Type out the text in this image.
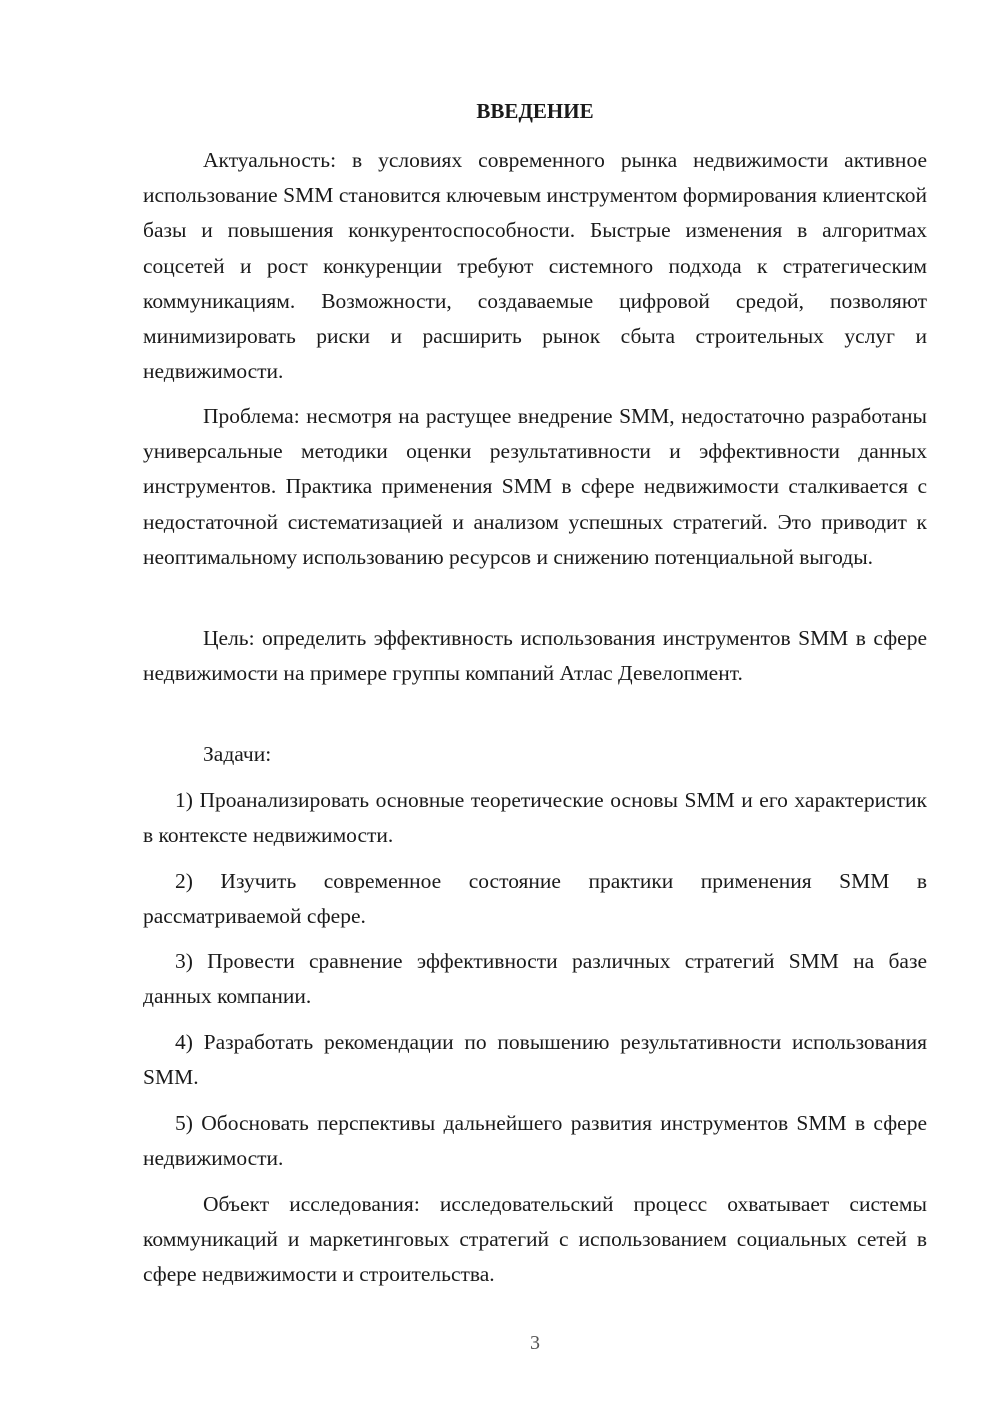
ВВЕДЕНИЕ

Актуальность: в условиях современного рынка недвижимости активное использование SMM становится ключевым инструментом формирования клиентской базы и повышения конкурентоспособности. Быстрые изменения в алгоритмах соцсетей и рост конкуренции требуют системного подхода к стратегическим коммуникациям. Возможности, создаваемые цифровой средой, позволяют минимизировать риски и расширить рынок сбыта строительных услуг и недвижимости.

Проблема: несмотря на растущее внедрение SMM, недостаточно разработаны универсальные методики оценки результативности и эффективности данных инструментов. Практика применения SMM в сфере недвижимости сталкивается с недостаточной систематизацией и анализом успешных стратегий. Это приводит к неоптимальному использованию ресурсов и снижению потенциальной выгоды.

Цель: определить эффективность использования инструментов SMM в сфере недвижимости на примере группы компаний Атлас Девелопмент.

Задачи:

1) Проанализировать основные теоретические основы SMM и его характеристик в контексте недвижимости.

2) Изучить современное состояние практики применения SMM в рассматриваемой сфере.

3) Провести сравнение эффективности различных стратегий SMM на базе данных компании.

4) Разработать рекомендации по повышению результативности использования SMM.

5) Обосновать перспективы дальнейшего развития инструментов SMM в сфере недвижимости.

Объект исследования: исследовательский процесс охватывает системы коммуникаций и маркетинговых стратегий с использованием социальных сетей в сфере недвижимости и строительства.

3
